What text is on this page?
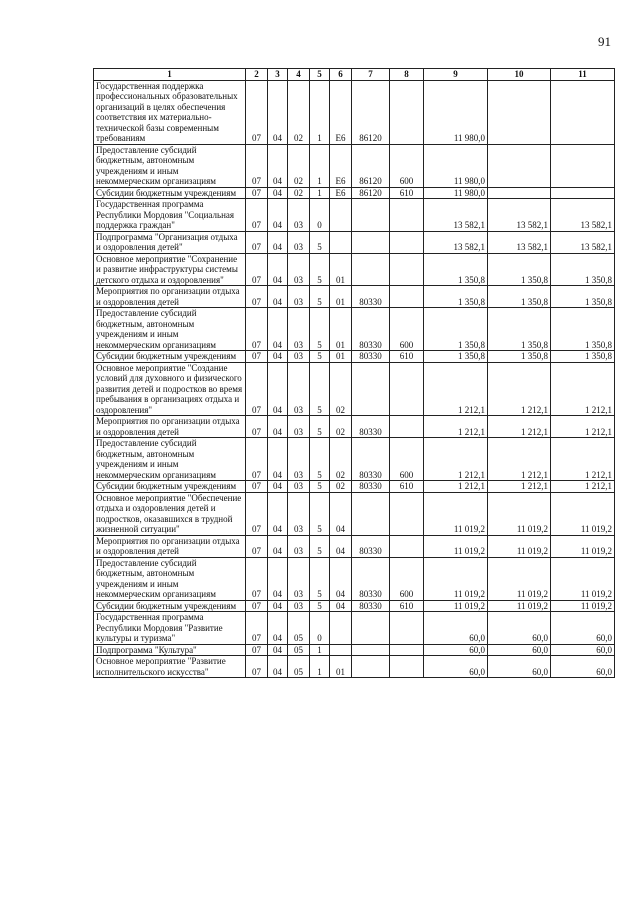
91
1	2	3	4	5	6	7	8	9	10	11
Государственная поддержка профессиональных образовательных организаций в целях обеспечения соответствия их материально-технической базы современным требованиям	07	04	02	1	Е6	86120		11 980,0		
Предоставление субсидий бюджетным, автономным учреждениям и иным некоммерческим организациям	07	04	02	1	Е6	86120	600	11 980,0		
Субсидии бюджетным учреждениям	07	04	02	1	Е6	86120	610	11 980,0		
Государственная программа Республики Мордовия "Социальная поддержка граждан"	07	04	03	0				13 582,1	13 582,1	13 582,1
Подпрограмма "Организация отдыха и оздоровления детей"	07	04	03	5				13 582,1	13 582,1	13 582,1
Основное мероприятие "Сохранение и развитие инфраструктуры системы детского отдыха и оздоровления"	07	04	03	5	01			1 350,8	1 350,8	1 350,8
Мероприятия по организации отдыха и оздоровления детей	07	04	03	5	01	80330		1 350,8	1 350,8	1 350,8
Предоставление субсидий бюджетным, автономным учреждениям и иным некоммерческим организациям	07	04	03	5	01	80330	600	1 350,8	1 350,8	1 350,8
Субсидии бюджетным учреждениям	07	04	03	5	01	80330	610	1 350,8	1 350,8	1 350,8
Основное мероприятие "Создание условий для духовного и физического развития детей и подростков во время пребывания в организациях отдыха и оздоровления"	07	04	03	5	02			1 212,1	1 212,1	1 212,1
Мероприятия по организации отдыха и оздоровления детей	07	04	03	5	02	80330		1 212,1	1 212,1	1 212,1
Предоставление субсидий бюджетным, автономным учреждениям и иным некоммерческим организациям	07	04	03	5	02	80330	600	1 212,1	1 212,1	1 212,1
Субсидии бюджетным учреждениям	07	04	03	5	02	80330	610	1 212,1	1 212,1	1 212,1
Основное мероприятие "Обеспечение отдыха и оздоровления детей и подростков, оказавшихся в трудной жизненной ситуации"	07	04	03	5	04			11 019,2	11 019,2	11 019,2
Мероприятия по организации отдыха и оздоровления детей	07	04	03	5	04	80330		11 019,2	11 019,2	11 019,2
Предоставление субсидий бюджетным, автономным учреждениям и иным некоммерческим организациям	07	04	03	5	04	80330	600	11 019,2	11 019,2	11 019,2
Субсидии бюджетным учреждениям	07	04	03	5	04	80330	610	11 019,2	11 019,2	11 019,2
Государственная программа Республики Мордовия "Развитие культуры и туризма"	07	04	05	0				60,0	60,0	60,0
Подпрограмма "Культура"	07	04	05	1				60,0	60,0	60,0
Основное мероприятие "Развитие исполнительского искусства"	07	04	05	1	01			60,0	60,0	60,0
